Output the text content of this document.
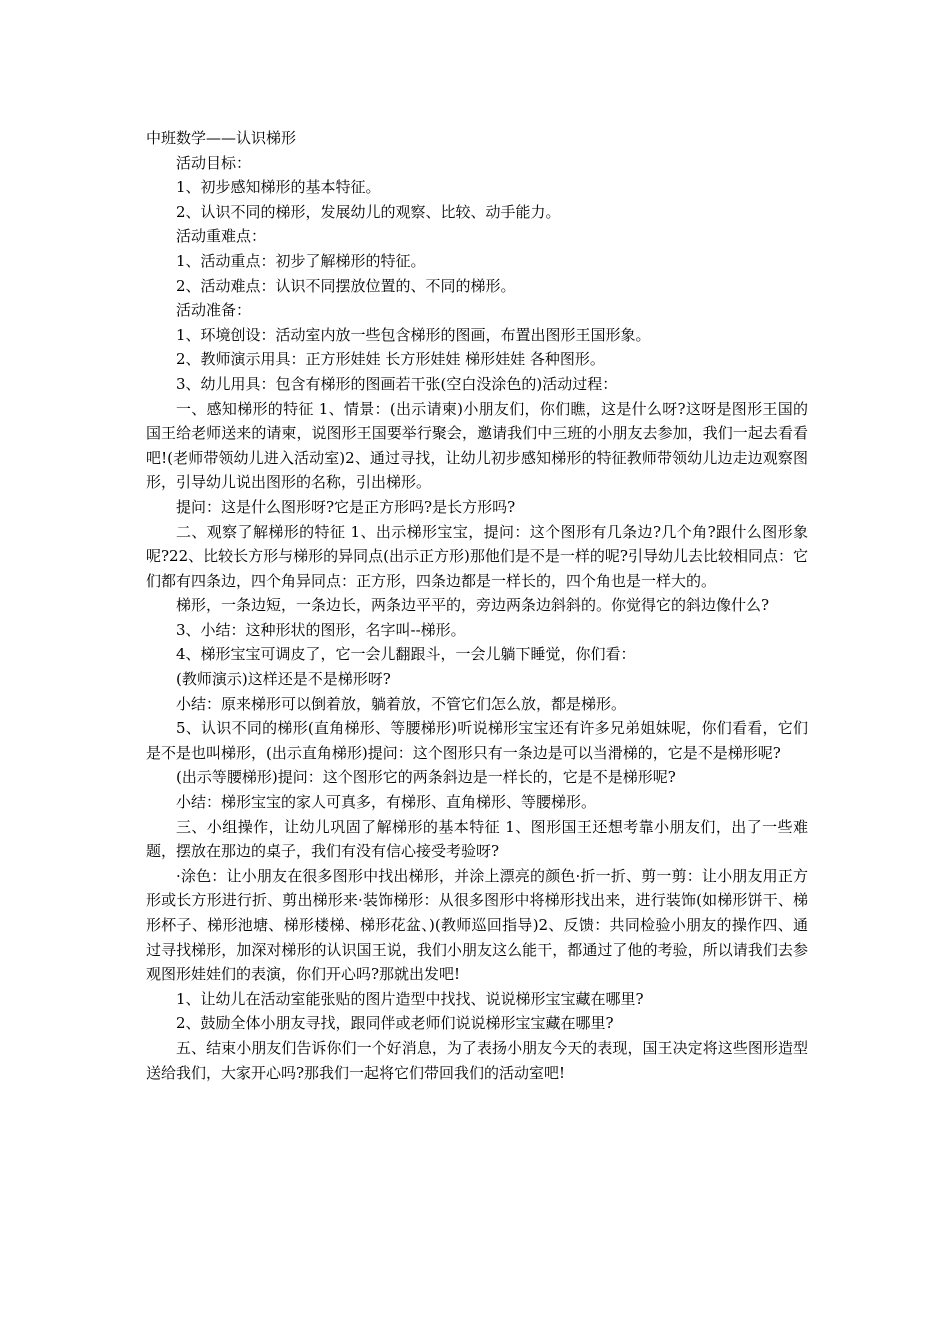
中班数学——认识梯形

活动目标：

1、初步感知梯形的基本特征。

2、认识不同的梯形，发展幼儿的观察、比较、动手能力。

活动重难点：

1、活动重点：初步了解梯形的特征。

2、活动难点：认识不同摆放位置的、不同的梯形。

活动准备：

1、环境创设：活动室内放一些包含梯形的图画，布置出图形王国形象。

2、教师演示用具：正方形娃娃 长方形娃娃 梯形娃娃 各种图形。

3、幼儿用具：包含有梯形的图画若干张(空白没涂色的)活动过程：

一、感知梯形的特征 1、情景：(出示请柬)小朋友们，你们瞧，这是什么呀?这呀是图形王国的国王给老师送来的请柬，说图形王国要举行聚会，邀请我们中三班的小朋友去参加，我们一起去看看吧!(老师带领幼儿进入活动室)2、通过寻找，让幼儿初步感知梯形的特征教师带领幼儿边走边观察图形，引导幼儿说出图形的名称，引出梯形。

提问：这是什么图形呀?它是正方形吗?是长方形吗?

二、观察了解梯形的特征 1、出示梯形宝宝，提问：这个图形有几条边?几个角?跟什么图形象呢?22、比较长方形与梯形的异同点(出示正方形)那他们是不是一样的呢?引导幼儿去比较相同点：它们都有四条边，四个角异同点：正方形，四条边都是一样长的，四个角也是一样大的。

梯形，一条边短，一条边长，两条边平平的，旁边两条边斜斜的。你觉得它的斜边像什么?

3、小结：这种形状的图形，名字叫--梯形。

4、梯形宝宝可调皮了，它一会儿翻跟斗，一会儿躺下睡觉，你们看：

(教师演示)这样还是不是梯形呀?

小结：原来梯形可以倒着放，躺着放，不管它们怎么放，都是梯形。

5、认识不同的梯形(直角梯形、等腰梯形)听说梯形宝宝还有许多兄弟姐妹呢，你们看看，它们是不是也叫梯形，(出示直角梯形)提问：这个图形只有一条边是可以当滑梯的，它是不是梯形呢?

(出示等腰梯形)提问：这个图形它的两条斜边是一样长的，它是不是梯形呢?

小结：梯形宝宝的家人可真多，有梯形、直角梯形、等腰梯形。

三、小组操作，让幼儿巩固了解梯形的基本特征 1、图形国王还想考靠小朋友们，出了一些难题，摆放在那边的桌子，我们有没有信心接受考验呀?

·涂色：让小朋友在很多图形中找出梯形，并涂上漂亮的颜色·折一折、剪一剪：让小朋友用正方形或长方形进行折、剪出梯形来·装饰梯形：从很多图形中将梯形找出来，进行装饰(如梯形饼干、梯形杯子、梯形池塘、梯形楼梯、梯形花盆、)(教师巡回指导)2、反馈：共同检验小朋友的操作四、通过寻找梯形，加深对梯形的认识国王说，我们小朋友这么能干，都通过了他的考验，所以请我们去参观图形娃娃们的表演，你们开心吗?那就出发吧!

1、让幼儿在活动室能张贴的图片造型中找找、说说梯形宝宝藏在哪里?

2、鼓励全体小朋友寻找，跟同伴或老师们说说梯形宝宝藏在哪里?

五、结束小朋友们告诉你们一个好消息，为了表扬小朋友今天的表现，国王决定将这些图形造型送给我们，大家开心吗?那我们一起将它们带回我们的活动室吧!
